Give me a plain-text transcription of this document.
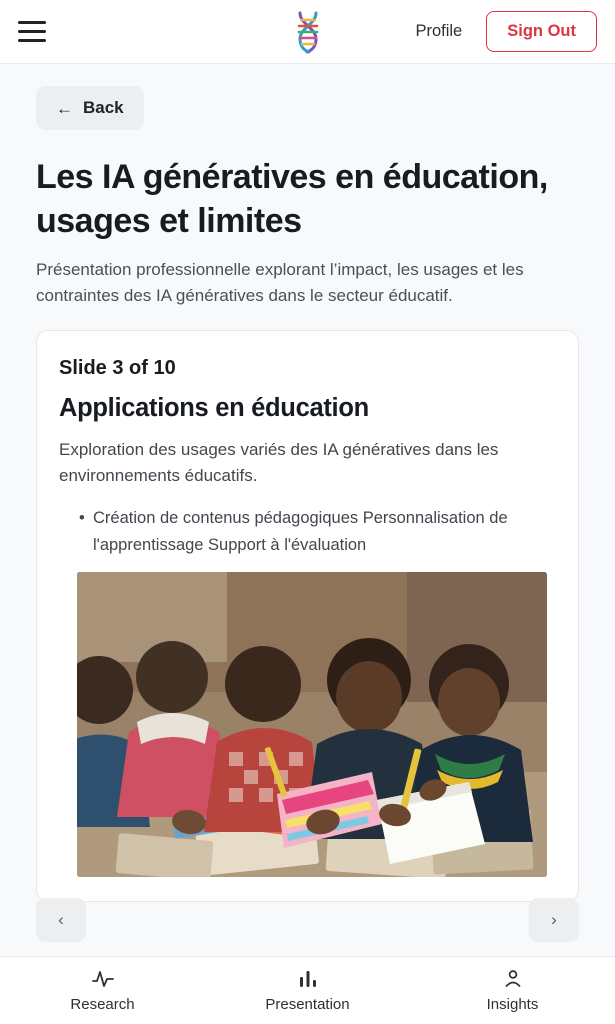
Profile	Sign Out
← Back
Les IA génératives en éducation, usages et limites

Présentation professionnelle explorant l’impact, les usages et les contraintes des IA génératives dans le secteur éducatif.

Slide 3 of 10
Applications en éducation

Exploration des usages variés des IA génératives dans les environnements éducatifs.

• Création de contenus pédagogiques Personnalisation de l'apprentissage Support à l'évaluation
‹	›
Research	Presentation	Insights
